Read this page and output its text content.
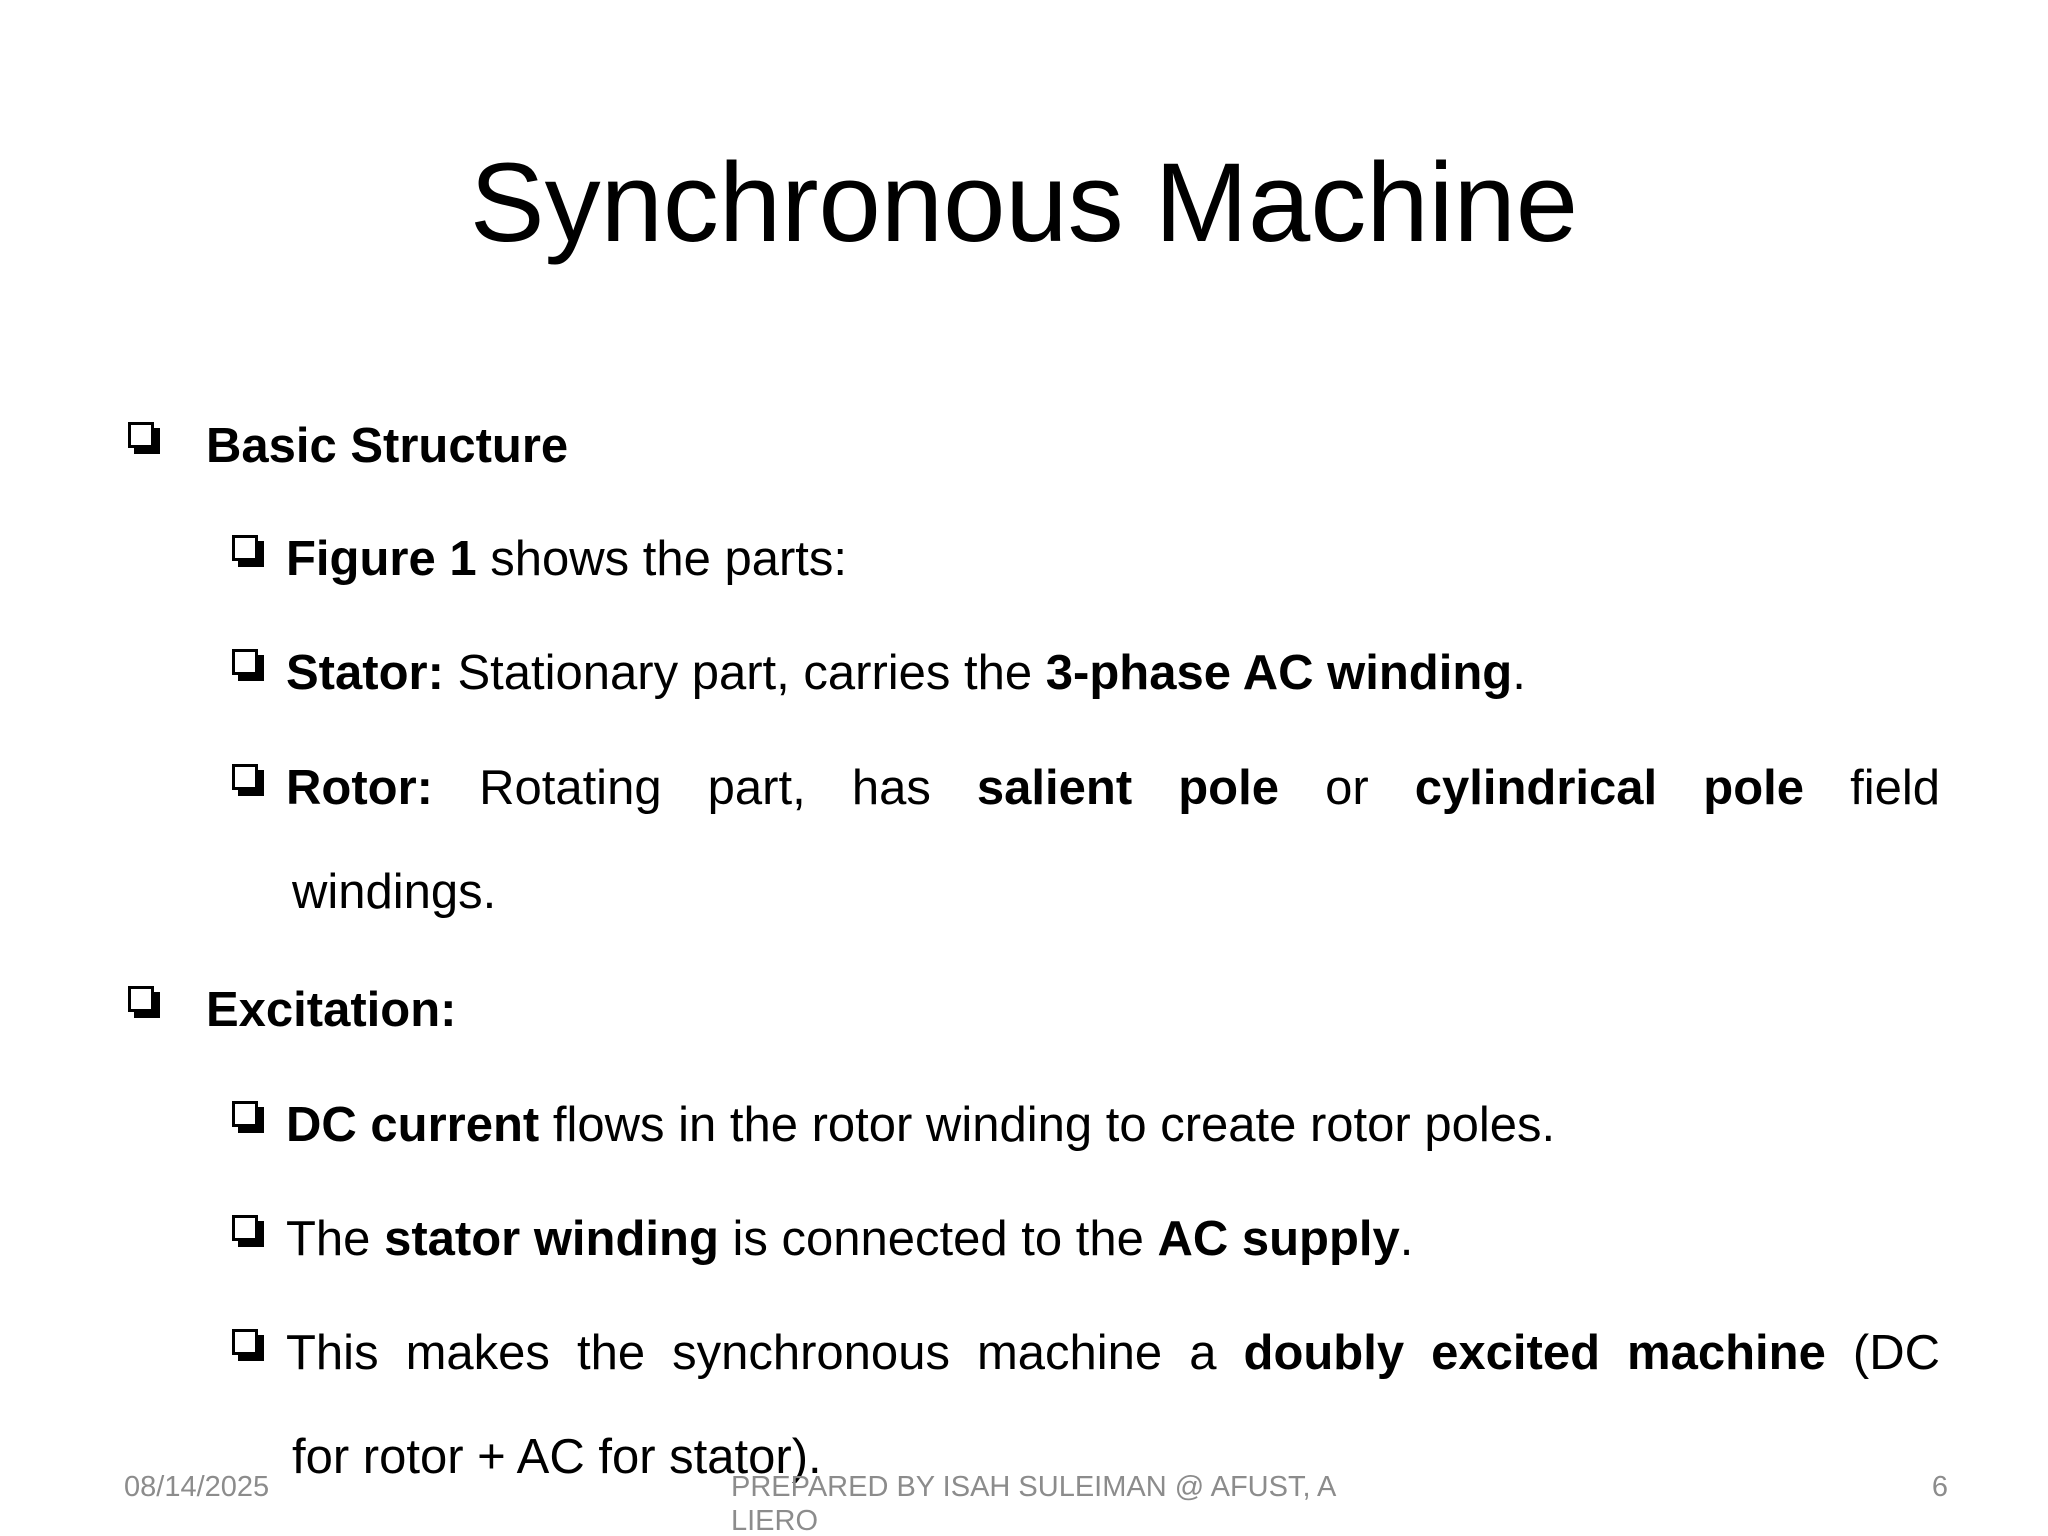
Synchronous Machine
Basic Structure
Figure 1 shows the parts:
Stator: Stationary part, carries the 3-phase AC winding.
Rotor: Rotating part, has salient pole or cylindrical pole field
windings.
Excitation:
DC current flows in the rotor winding to create rotor poles.
The stator winding is connected to the AC supply.
This makes the synchronous machine a doubly excited machine (DC
for rotor + AC for stator).
08/14/2025	PREPARED BY ISAH SULEIMAN @ AFUST, ALIERO
6
